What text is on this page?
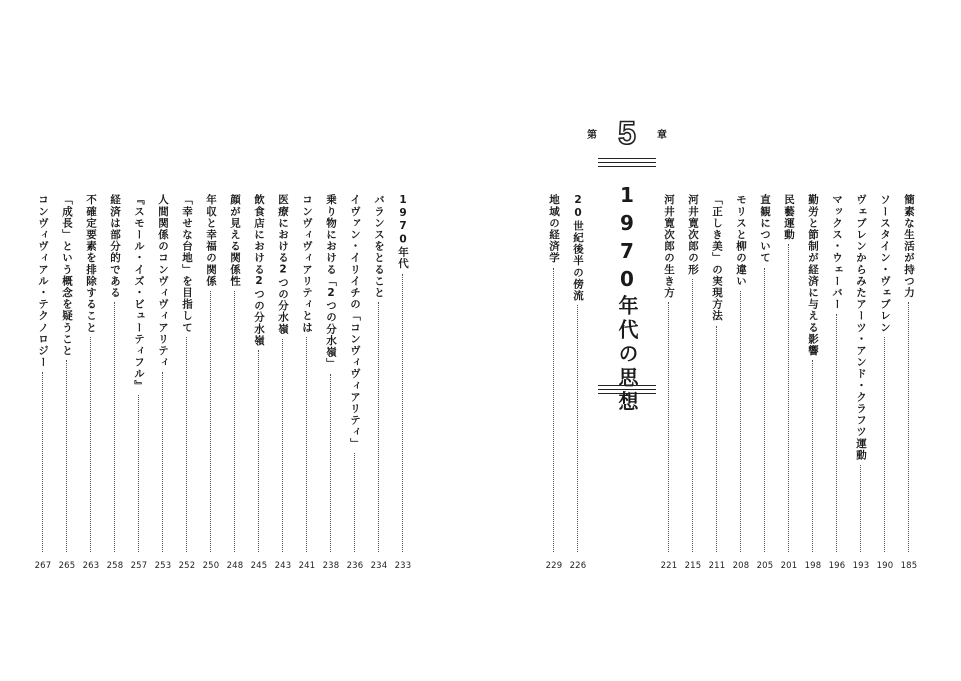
1970年代
233
バランスをとること
234
イヴァン・イリイチの「コンヴィヴィアリティ」
236
乗り物における「2つの分水嶺」
238
コンヴィヴィアリティとは
241
医療における2つの分水嶺
243
飲食店における2つの分水嶺
245
顔が見える関係性
248
年収と幸福の関係
250
「幸せな台地」を目指して
252
人間関係のコンヴィヴィアリティ
253
『スモール・イズ・ビューティフル』
257
経済は部分的である
258
不確定要素を排除すること
263
「成長」という概念を疑うこと
265
コンヴィヴィアル・テクノロジー
267
第 5 章
1970年代の思想	簡素な生活が持つ力
185
ソースタイン・ヴェブレン
190
ヴェブレンからみたアーツ・アンド・クラフツ運動
193
マックス・ウェーバー
196
勤労と節制が経済に与える影響
198
民藝運動
201
直観について
205
モリスと柳の違い
208
「正しき美」の実現方法
211
河井寛次郎の形
215
河井寛次郎の生き方
221
20世紀後半の傍流
226
地域の経済学
229
